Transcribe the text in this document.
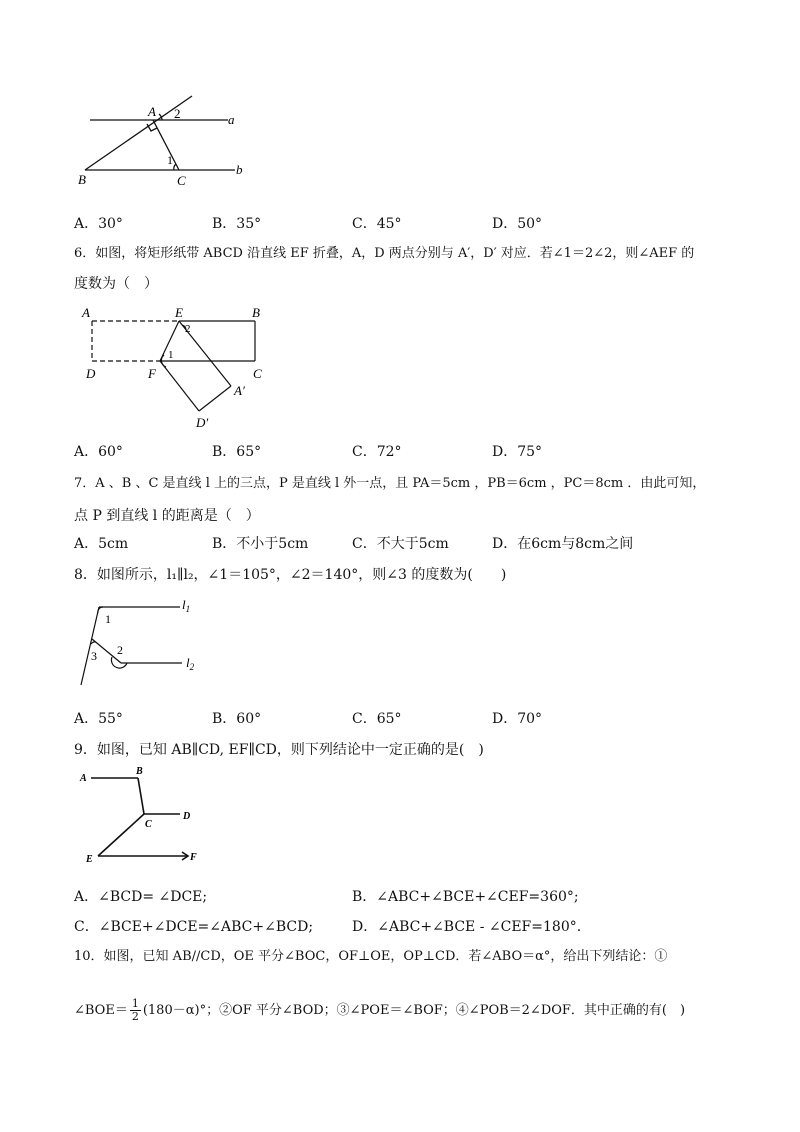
A 2	a
1
B	C
b
A．30°	B．35°	C．45°	D．50°
6．如图，将矩形纸带 ABCD 沿直线 EF 折叠，A，D 两点分别与 A′，D′ 对应．若∠1＝2∠2，则∠AEF 的
度数为（　）
A	E	B
2
1
D	F	C
A′
D′
A．60°	B．65°	C．72°	D．75°
7．A 、B 、C 是直线 l 上的三点，P 是直线 l 外一点，且 PA＝5cm ，PB＝6cm ，PC＝8cm ．由此可知，
点 P 到直线 l 的距离是（　）
A．5cm	B．不小于5cm	C．不大于5cm	D．在6cm与8cm之间
8．如图所示，l₁∥l₂，∠1＝105°，∠2＝140°，则∠3 的度数为(　　)
1
2
3
$l_1$
$l_2$
A．55°	B．60°	C．65°	D．70°
9．如图，已知 AB∥CD, EF∥CD，则下列结论中一定正确的是(　)
A
B
C
D
E	F
A．∠BCD= ∠DCE;	B．∠ABC+∠BCE+∠CEF=360°;
C．∠BCE+∠DCE=∠ABC+∠BCD;	D．∠ABC+∠BCE - ∠CEF=180°.
10．如图，已知 AB//CD，OE 平分∠BOC，OF⊥OE，OP⊥CD．若∠ABO＝α°，给出下列结论：①
∠BOE＝ $\frac{1}{2} (180-\alpha)^\circ$；②OF 平分∠BOD；③∠POE＝∠BOF；④∠POB＝2∠DOF．其中正确的有(　)
